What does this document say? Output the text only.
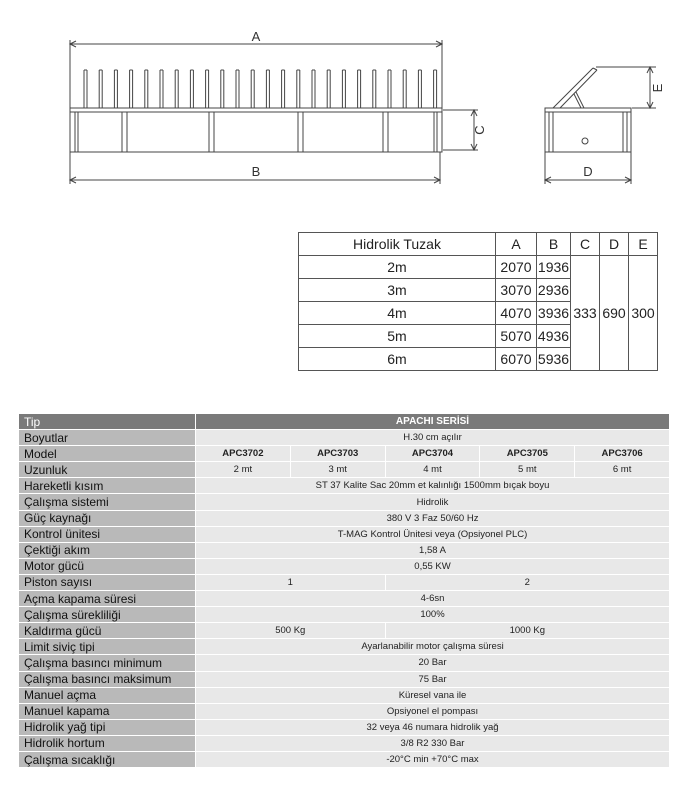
A
B
C
D
E
Hidrolik Tuzak	A	B	C	D	E
2m	2070	1936	333	690	300
3m	3070	2936			
4m	4070	3936			
5m	5070	4936			
6m	6070	5936			
Tip	APACHI SERİSİ				
Boyutlar	H.30 cm açılır				
Model	APC3702	APC3703	APC3704	APC3705	APC3706
Uzunluk	2 mt	3 mt	4 mt	5 mt	6 mt
Hareketli kısım	ST 37 Kalite Sac 20mm et kalınlığı 1500mm bıçak boyu				
Çalışma sistemi	Hidrolik				
Güç kaynağı	380 V 3 Faz 50/60 Hz				
Kontrol ünitesi	T-MAG Kontrol Ünitesi veya (Opsiyonel PLC)				
Çektiği akım	1,58 A				
Motor gücü	0,55 KW				
Piston sayısı	1		2		
Açma kapama süresi	4-6sn				
Çalışma sürekliliği	100%				
Kaldırma gücü	500 Kg		1000 Kg		
Limit siviç tipi	Ayarlanabilir motor çalışma süresi				
Çalışma basıncı minimum	20 Bar				
Çalışma basıncı maksimum	75 Bar				
Manuel açma	Küresel vana ile				
Manuel kapama	Opsiyonel el pompası				
Hidrolik yağ tipi	32 veya 46 numara hidrolik yağ				
Hidrolik hortum	3/8 R2 330 Bar				
Çalışma sıcaklığı	-20°C min +70°C max				
